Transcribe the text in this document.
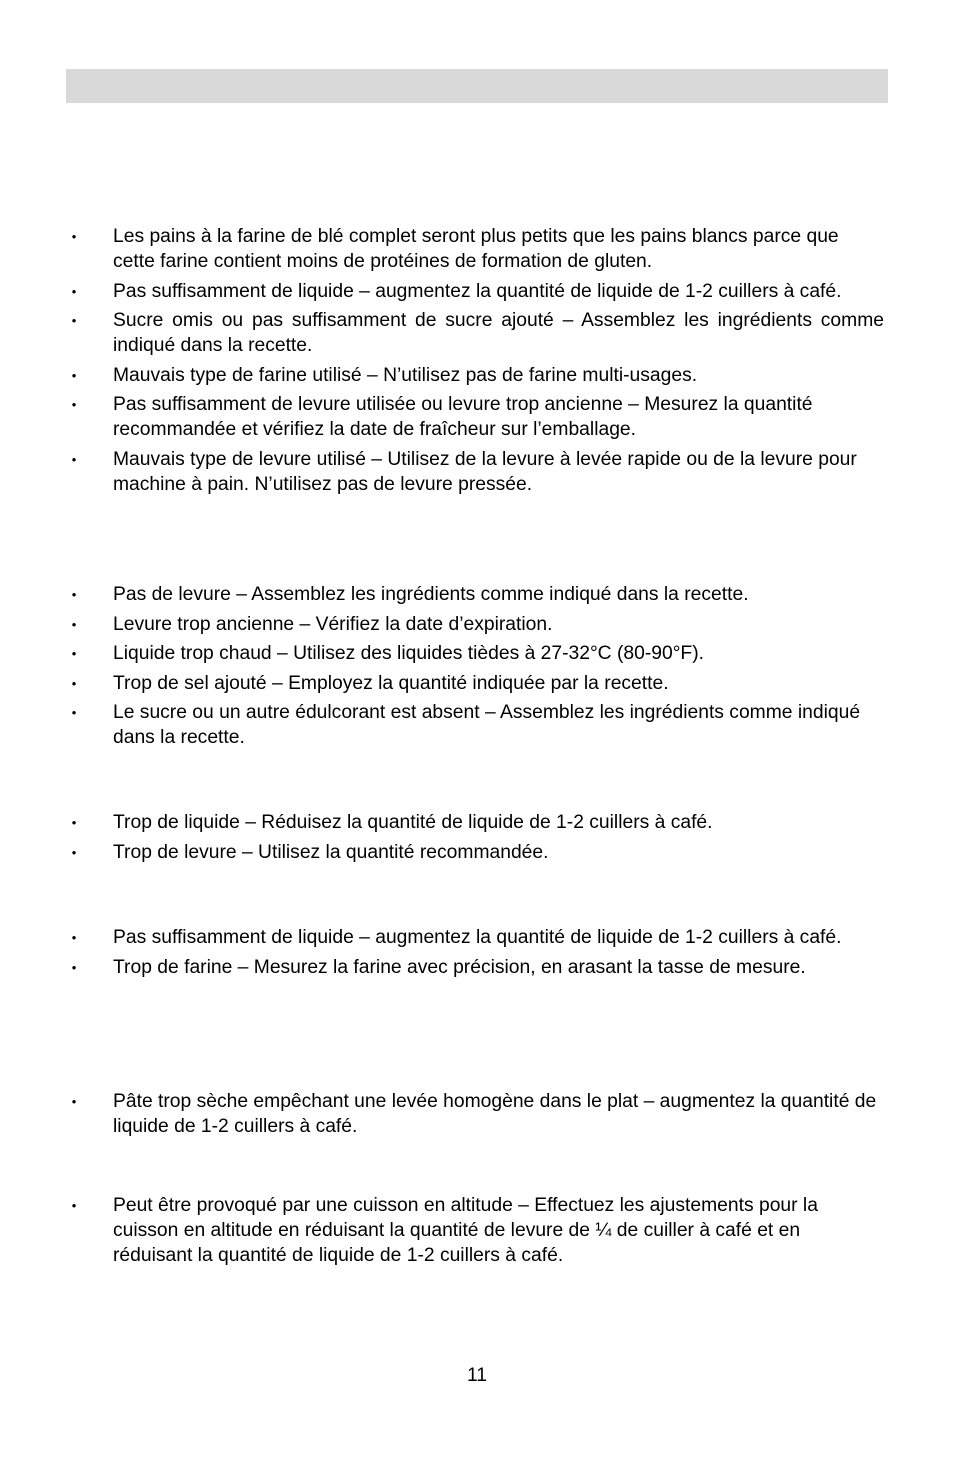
• Les pains à la farine de blé complet seront plus petits que les pains blancs parce que cette farine contient moins de protéines de formation de gluten.
• Pas suffisamment de liquide – augmentez la quantité de liquide de 1-2 cuillers à café.
• Sucre omis ou pas suffisamment de sucre ajouté – Assemblez les ingrédients comme indiqué dans la recette.
• Mauvais type de farine utilisé – N’utilisez pas de farine multi-usages.
• Pas suffisamment de levure utilisée ou levure trop ancienne – Mesurez la quantité recommandée et vérifiez la date de fraîcheur sur l’emballage.
• Mauvais type de levure utilisé – Utilisez de la levure à levée rapide ou de la levure pour machine à pain. N’utilisez pas de levure pressée.
• Pas de levure – Assemblez les ingrédients comme indiqué dans la recette.
• Levure trop ancienne – Vérifiez la date d’expiration.
• Liquide trop chaud – Utilisez des liquides tièdes à 27-32°C (80-90°F).
• Trop de sel ajouté – Employez la quantité indiquée par la recette.
• Le sucre ou un autre édulcorant est absent – Assemblez les ingrédients comme indiqué dans la recette.
• Trop de liquide – Réduisez la quantité de liquide de 1-2 cuillers à café.
• Trop de levure – Utilisez la quantité recommandée.
• Pas suffisamment de liquide – augmentez la quantité de liquide de 1-2 cuillers à café.
• Trop de farine – Mesurez la farine avec précision, en arasant la tasse de mesure.
• Pâte trop sèche empêchant une levée homogène dans le plat – augmentez la quantité de liquide de 1-2 cuillers à café.
• Peut être provoqué par une cuisson en altitude – Effectuez les ajustements pour la cuisson en altitude en réduisant la quantité de levure de ¼ de cuiller à café et en réduisant la quantité de liquide de 1-2 cuillers à café.
11
